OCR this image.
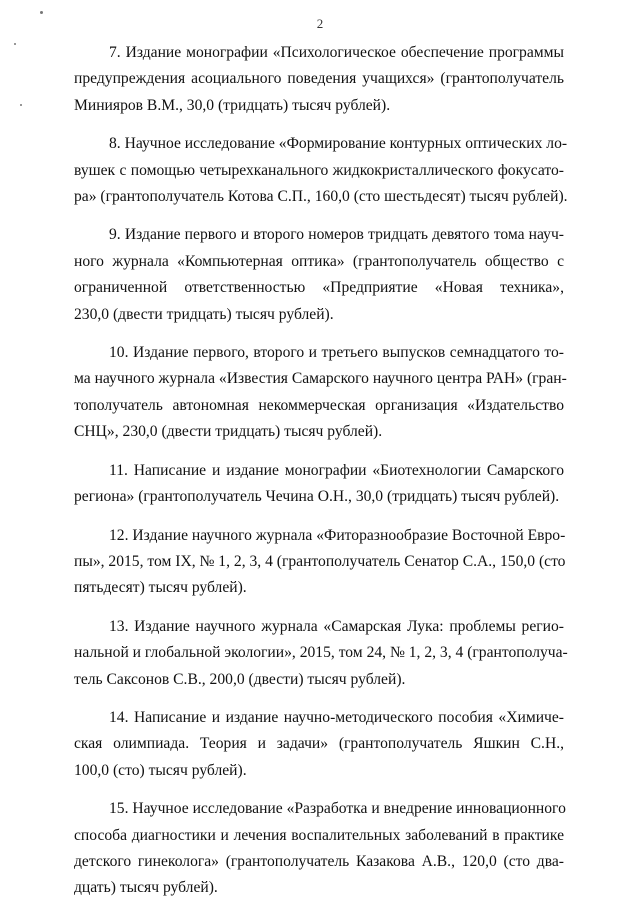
2

7. Издание монографии «Психологическое обеспечение программы
предупреждения асоциального поведения учащихся» (грантополучатель
Минияров В.М., 30,0 (тридцать) тысяч рублей).

8. Научное исследование «Формирование контурных оптических ло-
вушек с помощью четырехканального жидкокристаллического фокусато-
ра» (грантополучатель Котова С.П., 160,0 (сто шестьдесят) тысяч рублей).

9. Издание первого и второго номеров тридцать девятого тома науч-
ного журнала «Компьютерная оптика» (грантополучатель общество с
ограниченной ответственностью «Предприятие «Новая техника»,
230,0 (двести тридцать) тысяч рублей).

10. Издание первого, второго и третьего выпусков семнадцатого то-
ма научного журнала «Известия Самарского научного центра РАН» (гран-
тополучатель автономная некоммерческая организация «Издательство
СНЦ», 230,0 (двести тридцать) тысяч рублей).

11. Написание и издание монографии «Биотехнологии Самарского
региона» (грантополучатель Чечина О.Н., 30,0 (тридцать) тысяч рублей).

12. Издание научного журнала «Фиторазнообразие Восточной Евро-
пы», 2015, том IX, № 1, 2, 3, 4 (грантополучатель Сенатор С.А., 150,0 (сто
пятьдесят) тысяч рублей).

13. Издание научного журнала «Самарская Лука: проблемы регио-
нальной и глобальной экологии», 2015, том 24, № 1, 2, 3, 4 (грантополуча-
тель Саксонов С.В., 200,0 (двести) тысяч рублей).

14. Написание и издание научно-методического пособия «Химиче-
ская олимпиада. Теория и задачи» (грантополучатель Яшкин С.Н.,
100,0 (сто) тысяч рублей).

15. Научное исследование «Разработка и внедрение инновационного
способа диагностики и лечения воспалительных заболеваний в практике
детского гинеколога» (грантополучатель Казакова А.В., 120,0 (сто два-
дцать) тысяч рублей).
